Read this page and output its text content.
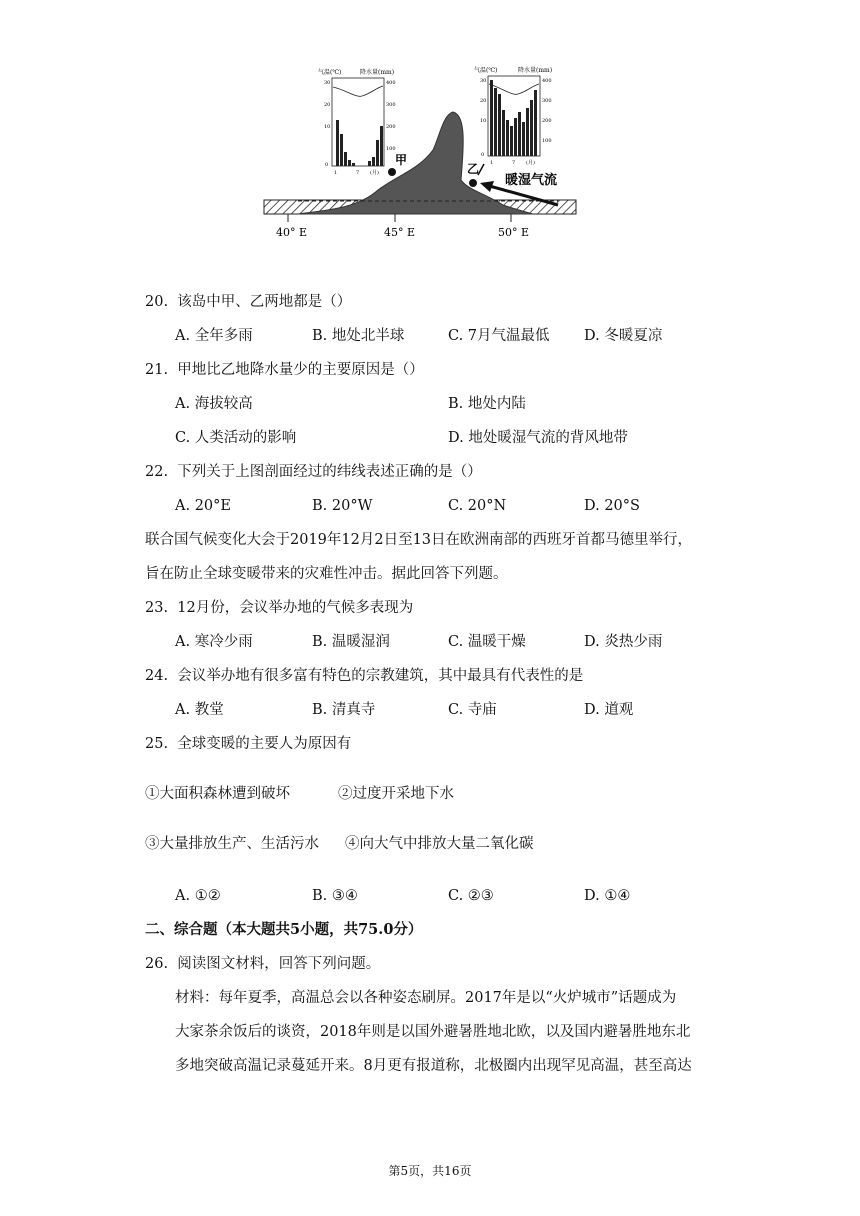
甲
乙
暖湿气流
40° E	45° E	50° E
气温(℃)	降水量(mm)
30
20
10
0
400
300
200
100
1	7 (月)
气温(℃)	降水量(mm)
30
20
10
0
400
300
200
100
1	7 (月)
20. 该岛中甲、乙两地都是（）
A. 全年多雨	B. 地处北半球	C. 7月气温最低 D. 冬暖夏凉
21. 甲地比乙地降水量少的主要原因是（）
A. 海拔较高	B. 地处内陆
C. 人类活动的影响	D. 地处暖湿气流的背风地带
22. 下列关于上图剖面经过的纬线表述正确的是（）
A. 20°E	B. 20°W	C. 20°N	D. 20°S
联合国气候变化大会于2019年12月2日至13日在欧洲南部的西班牙首都马德里举行，
旨在防止全球变暖带来的灾难性冲击。据此回答下列题。
23. 12月份，会议举办地的气候多表现为
A. 寒冷少雨	B. 温暖湿润	C. 温暖干燥	D. 炎热少雨
24. 会议举办地有很多富有特色的宗教建筑，其中最具有代表性的是
A. 教堂	B. 清真寺	C. 寺庙	D. 道观
25. 全球变暖的主要人为原因有
①大面积森林遭到破坏	②过度开采地下水
③大量排放生产、生活污水 ④向大气中排放大量二氧化碳
A. ①②	B. ③④	C. ②③	D. ①④
二、综合题（本大题共5小题，共75.0分）
26. 阅读图文材料，回答下列问题。
材料：每年夏季，高温总会以各种姿态刷屏。2017年是以“火炉城市”话题成为
大家茶余饭后的谈资，2018年则是以国外避暑胜地北欧，以及国内避暑胜地东北
多地突破高温记录蔓延开来。8月更有报道称，北极圈内出现罕见高温，甚至高达
第5页，共16页
